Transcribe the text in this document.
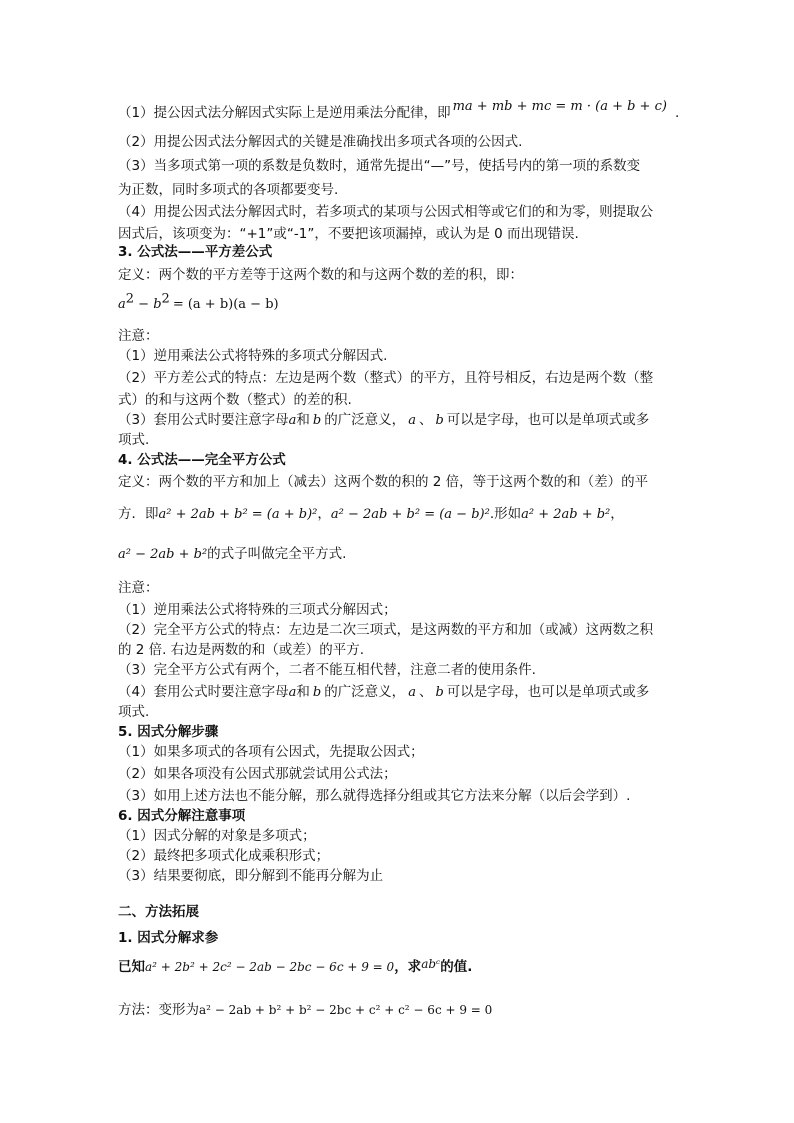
（1）提公因式法分解因式实际上是逆用乘法分配律，即 ma + mb + mc = m · (a + b + c) .
（2）用提公因式法分解因式的关键是准确找出多项式各项的公因式.
（3）当多项式第一项的系数是负数时，通常先提出“—”号，使括号内的第一项的系数变
为正数，同时多项式的各项都要变号.
（4）用提公因式法分解因式时，若多项式的某项与公因式相等或它们的和为零，则提取公
因式后，该项变为：“+1”或“-1”，不要把该项漏掉，或认为是 0 而出现错误.
3. 公式法——平方差公式
定义：两个数的平方差等于这两个数的和与这两个数的差的积，即：
$a^2 - b^2 = (a + b)(a - b)$
注意：
（1）逆用乘法公式将特殊的多项式分解因式.
（2）平方差公式的特点：左边是两个数（整式）的平方，且符号相反，右边是两个数（整
式）的和与这两个数（整式）的差的积.
（3）套用公式时要注意字母a和 b 的广泛意义， a 、 b 可以是字母，也可以是单项式或多
项式.
4. 公式法——完全平方公式
定义：两个数的平方和加上（减去）这两个数的积的 2 倍，等于这两个数的和（差）的平
方．即a² + 2ab + b² = (a + b)²，a² − 2ab + b² = (a − b)².形如a² + 2ab + b²，
a² − 2ab + b²的式子叫做完全平方式.
注意：
（1）逆用乘法公式将特殊的三项式分解因式；
（2）完全平方公式的特点：左边是二次三项式，是这两数的平方和加（或减）这两数之积
的 2 倍. 右边是两数的和（或差）的平方.
（3）完全平方公式有两个，二者不能互相代替，注意二者的使用条件.
（4）套用公式时要注意字母a和 b 的广泛意义， a 、 b 可以是字母，也可以是单项式或多
项式.
5. 因式分解步骤
（1）如果多项式的各项有公因式，先提取公因式；
（2）如果各项没有公因式那就尝试用公式法；
（3）如用上述方法也不能分解，那么就得选择分组或其它方法来分解（以后会学到）.
6. 因式分解注意事项
（1）因式分解的对象是多项式；
（2）最终把多项式化成乘积形式；
（3）结果要彻底，即分解到不能再分解为止
二、方法拓展
1. 因式分解求参
已知a² + 2b² + 2c² − 2ab − 2bc − 6c + 9 = 0，求abᶜ的值.
方法：变形为a² − 2ab + b² + b² − 2bc + c² + c² − 6c + 9 = 0
